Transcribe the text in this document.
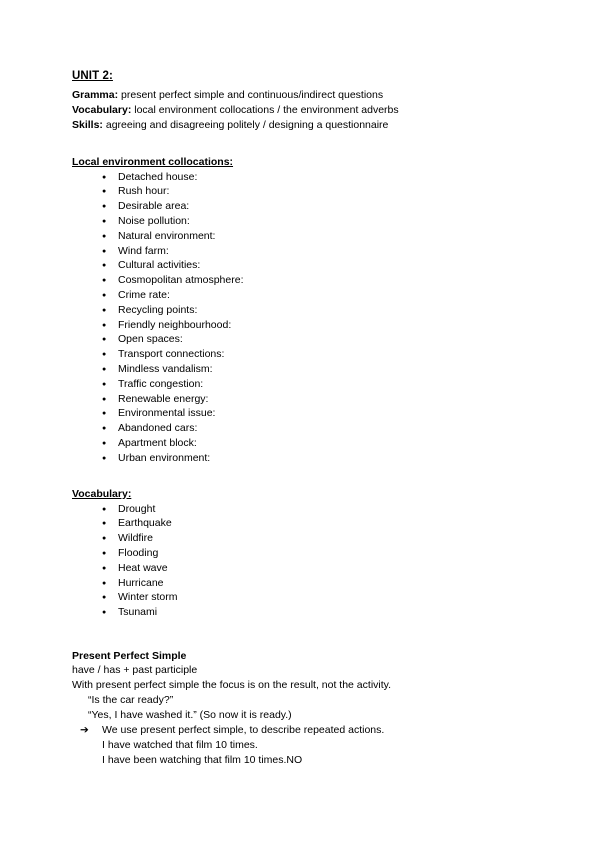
UNIT 2:

Gramma: present perfect simple and continuous/indirect questions

Vocabulary: local environment collocations / the environment adverbs

Skills: agreeing and disagreeing politely / designing a questionnaire

Local environment collocations:
● Detached house:
● Rush hour:
● Desirable area:
● Noise pollution:
● Natural environment:
● Wind farm:
● Cultural activities:
● Cosmopolitan atmosphere:
● Crime rate:
● Recycling points:
● Friendly neighbourhood:
● Open spaces:
● Transport connections:
● Mindless vandalism:
● Traffic congestion:
● Renewable energy:
● Environmental issue:
● Abandoned cars:
● Apartment block:
● Urban environment:
Vocabulary:
● Drought
● Earthquake
● Wildfire
● Flooding
● Heat wave
● Hurricane
● Winter storm
● Tsunami
Present Perfect Simple

have / has + past participle

With present perfect simple the focus is on the result, not the activity.

“Is the car ready?”

“Yes, I have washed it.” (So now it is ready.)

➔ We use present perfect simple, to describe repeated actions.

I have watched that film 10 times.

I have been watching that film 10 times.NO
